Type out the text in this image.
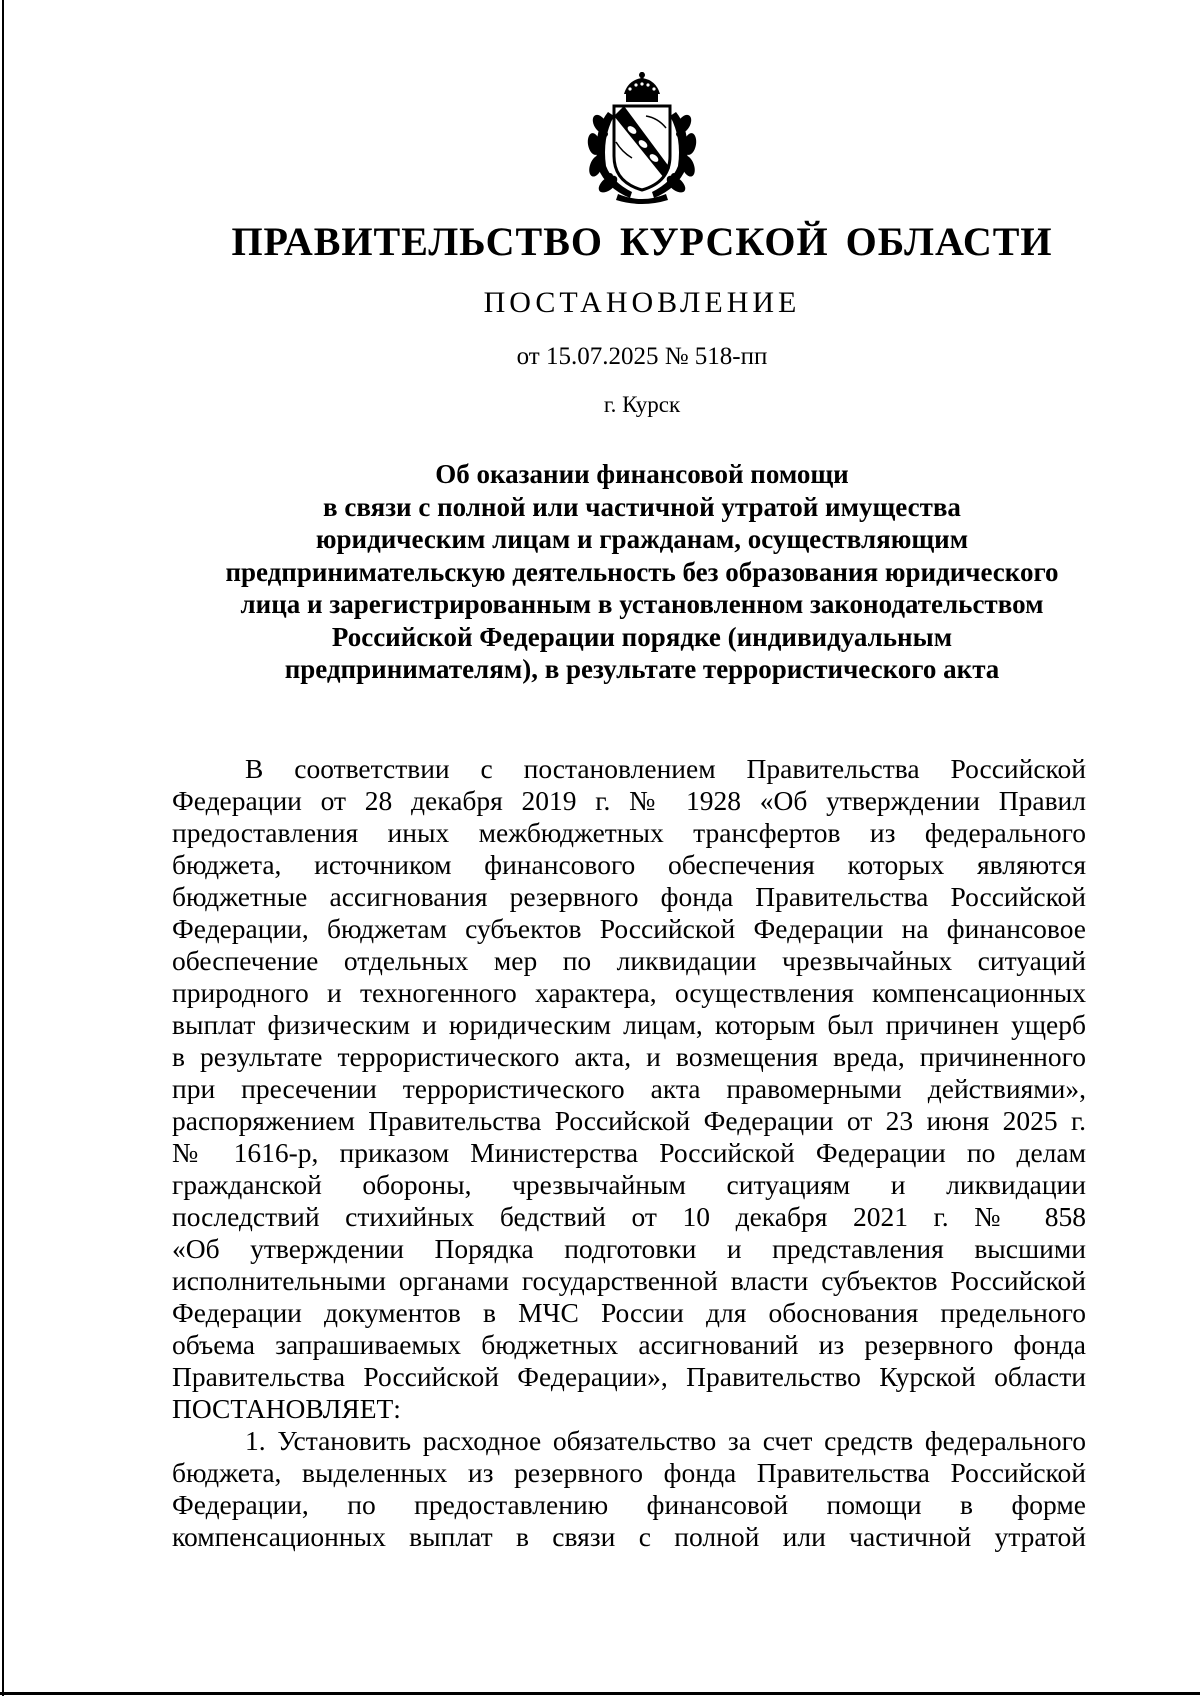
ПРАВИТЕЛЬСТВО КУРСКОЙ ОБЛАСТИ
ПОСТАНОВЛЕНИЕ
от 15.07.2025 № 518-пп
г. Курск
Об оказании финансовой помощи
в связи с полной или частичной утратой имущества
юридическим лицам и гражданам, осуществляющим
предпринимательскую деятельность без образования юридического
лица и зарегистрированным в установленном законодательством
Российской Федерации порядке (индивидуальным
предпринимателям), в результате террористического акта
В соответствии с постановлением Правительства Российской
Федерации от 28 декабря 2019 г. № 1928 «Об утверждении Правил
предоставления иных межбюджетных трансфертов из федерального
бюджета, источником финансового обеспечения которых являются
бюджетные ассигнования резервного фонда Правительства Российской
Федерации, бюджетам субъектов Российской Федерации на финансовое
обеспечение отдельных мер по ликвидации чрезвычайных ситуаций
природного и техногенного характера, осуществления компенсационных
выплат физическим и юридическим лицам, которым был причинен ущерб
в результате террористического акта, и возмещения вреда, причиненного
при пресечении террористического акта правомерными действиями»,
распоряжением Правительства Российской Федерации от 23 июня 2025 г.
№ 1616-р, приказом Министерства Российской Федерации по делам
гражданской обороны, чрезвычайным ситуациям и ликвидации
последствий стихийных бедствий от 10 декабря 2021 г. № 858
«Об утверждении Порядка подготовки и представления высшими
исполнительными органами государственной власти субъектов Российской
Федерации документов в МЧС России для обоснования предельного
объема запрашиваемых бюджетных ассигнований из резервного фонда
Правительства Российской Федерации», Правительство Курской области
ПОСТАНОВЛЯЕТ:
1. Установить расходное обязательство за счет средств федерального
бюджета, выделенных из резервного фонда Правительства Российской
Федерации, по предоставлению финансовой помощи в форме
компенсационных выплат в связи с полной или частичной утратой
